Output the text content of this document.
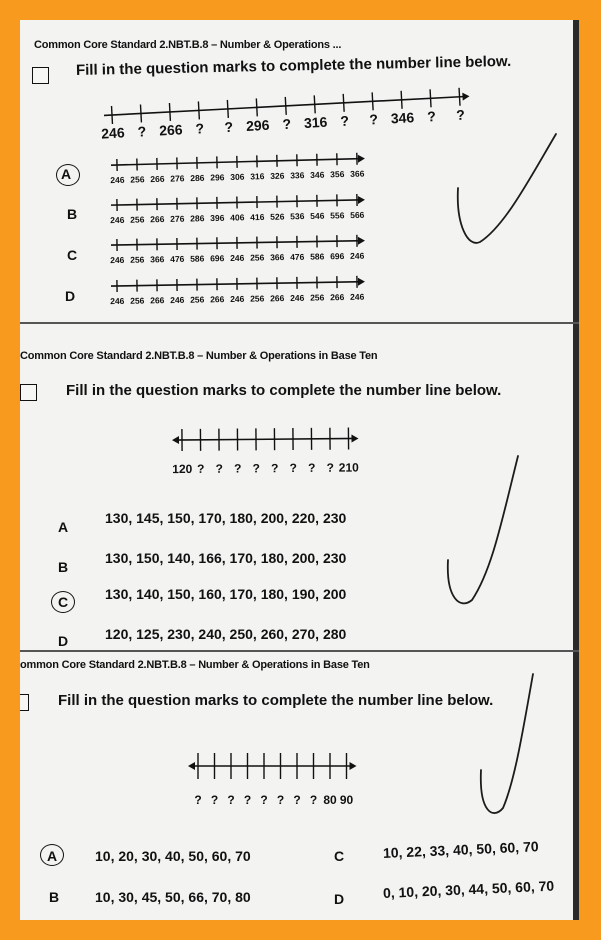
Common Core Standard 2.NBT.B.8 – Number & Operations ...
Fill in the question marks to complete the number line below.
246 ? 266 ? ? 296 ? 316 ? ? 346 ? ?
A	246 256 266 276 286 296 306 316 326 336 346 356 366
B	246 256 266 276 286 396 406 416 526 536 546 556 566
C	246 256 366 476 586 696 246 256 366 476 586 696 246
D	246 256 266 246 256 266 246 256 266 246 256 266 246
Common Core Standard 2.NBT.B.8 – Number & Operations in Base Ten
Fill in the question marks to complete the number line below.
120 ? ? ? ? ? ? ? ? 210
A
130, 145, 150, 170, 180, 200, 220, 230
B
130, 150, 140, 166, 170, 180, 200, 230
C	130, 140, 150, 160, 170, 180, 190, 200
D	120, 125, 230, 240, 250, 260, 270, 280
ommon Core Standard 2.NBT.B.8 – Number & Operations in Base Ten
Fill in the question marks to complete the number line below.
? ? ? ? ? ? ? ? 80 90
A	10, 20, 30, 40, 50, 60, 70	C	10, 22, 33, 40, 50, 60, 70
B	10, 30, 45, 50, 66, 70, 80	D	0, 10, 20, 30, 44, 50, 60, 70
